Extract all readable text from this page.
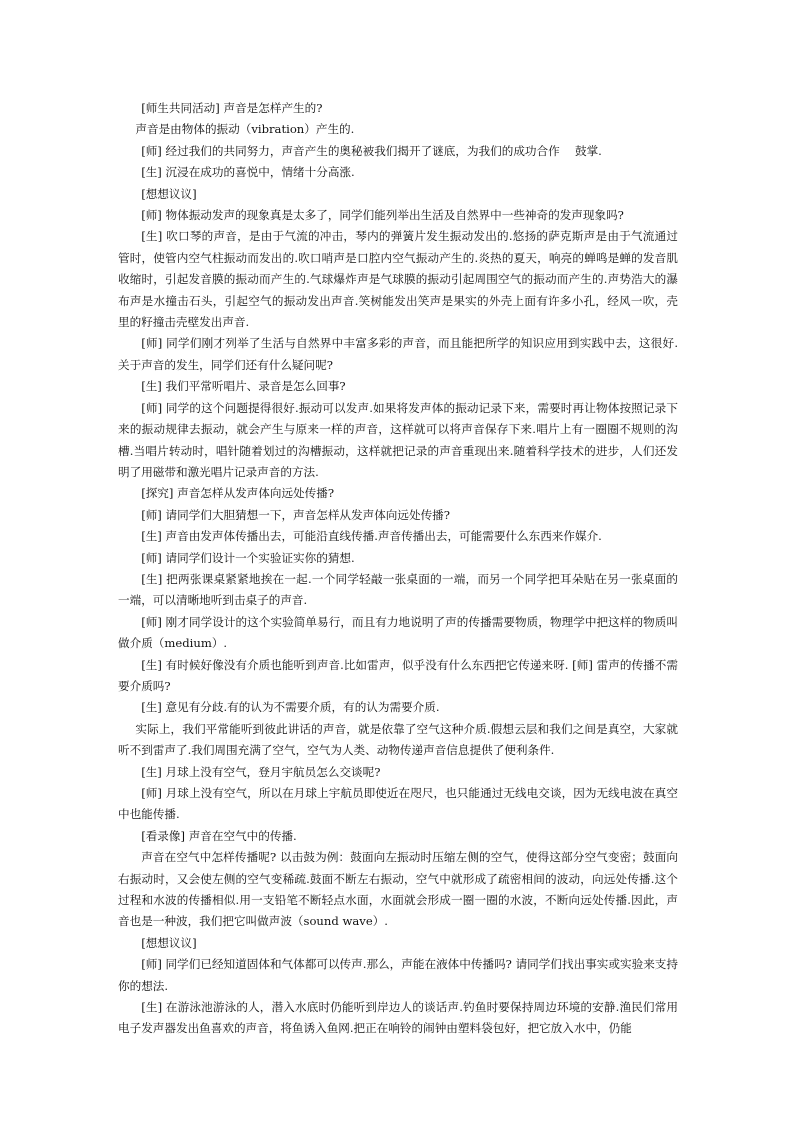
[师生共同活动] 声音是怎样产生的?

声音是由物体的振动（vibration）产生的.

[师] 经过我们的共同努力，声音产生的奥秘被我们揭开了谜底，为我们的成功合作　 鼓掌.

[生] 沉浸在成功的喜悦中，情绪十分高涨.

[想想议议]

[师] 物体振动发声的现象真是太多了，同学们能列举出生活及自然界中一些神奇的发声现象吗?

[生] 吹口琴的声音，是由于气流的冲击，琴内的弹簧片发生振动发出的.悠扬的萨克斯声是由于气流通过管时，使管内空气柱振动而发出的.吹口哨声是口腔内空气振动产生的.炎热的夏天，响亮的蝉鸣是蝉的发音肌收缩时，引起发音膜的振动而产生的.气球爆炸声是气球膜的振动引起周围空气的振动而产生的.声势浩大的瀑布声是水撞击石头，引起空气的振动发出声音.笑树能发出笑声是果实的外壳上面有许多小孔，经风一吹，壳里的籽撞击壳壁发出声音.

[师] 同学们刚才列举了生活与自然界中丰富多彩的声音，而且能把所学的知识应用到实践中去，这很好.关于声音的发生，同学们还有什么疑问呢?

[生] 我们平常听唱片、录音是怎么回事?

[师] 同学的这个问题提得很好.振动可以发声.如果将发声体的振动记录下来，需要时再让物体按照记录下来的振动规律去振动，就会产生与原来一样的声音，这样就可以将声音保存下来.唱片上有一圈圈不规则的沟槽.当唱片转动时，唱针随着划过的沟槽振动，这样就把记录的声音重现出来.随着科学技术的进步，人们还发明了用磁带和激光唱片记录声音的方法.

[探究] 声音怎样从发声体向远处传播?

[师] 请同学们大胆猜想一下，声音怎样从发声体向远处传播?

[生] 声音由发声体传播出去，可能沿直线传播.声音传播出去，可能需要什么东西来作媒介.

[师] 请同学们设计一个实验证实你的猜想.

[生] 把两张课桌紧紧地挨在一起.一个同学轻敲一张桌面的一端，而另一个同学把耳朵贴在另一张桌面的一端，可以清晰地听到击桌子的声音.

[师] 刚才同学设计的这个实验简单易行，而且有力地说明了声的传播需要物质，物理学中把这样的物质叫做介质（medium）.

[生] 有时候好像没有介质也能听到声音.比如雷声，似乎没有什么东西把它传递来呀. [师] 雷声的传播不需要介质吗?

[生] 意见有分歧.有的认为不需要介质，有的认为需要介质.

实际上，我们平常能听到彼此讲话的声音，就是依靠了空气这种介质.假想云层和我们之间是真空，大家就听不到雷声了.我们周围充满了空气，空气为人类、动物传递声音信息提供了便利条件.

[生] 月球上没有空气，登月宇航员怎么交谈呢?

[师] 月球上没有空气，所以在月球上宇航员即使近在咫尺，也只能通过无线电交谈，因为无线电波在真空中也能传播.

[看录像] 声音在空气中的传播.

声音在空气中怎样传播呢? 以击鼓为例：鼓面向左振动时压缩左侧的空气，使得这部分空气变密；鼓面向右振动时，又会使左侧的空气变稀疏.鼓面不断左右振动，空气中就形成了疏密相间的波动，向远处传播.这个过程和水波的传播相似.用一支铅笔不断轻点水面，水面就会形成一圈一圈的水波，不断向远处传播.因此，声音也是一种波，我们把它叫做声波（sound wave）.

[想想议议]

[师] 同学们已经知道固体和气体都可以传声.那么，声能在液体中传播吗? 请同学们找出事实或实验来支持你的想法.

[生] 在游泳池游泳的人，潜入水底时仍能听到岸边人的谈话声.钓鱼时要保持周边环境的安静.渔民们常用电子发声器发出鱼喜欢的声音，将鱼诱入鱼网.把正在响铃的闹钟由塑料袋包好，把它放入水中，仍能
